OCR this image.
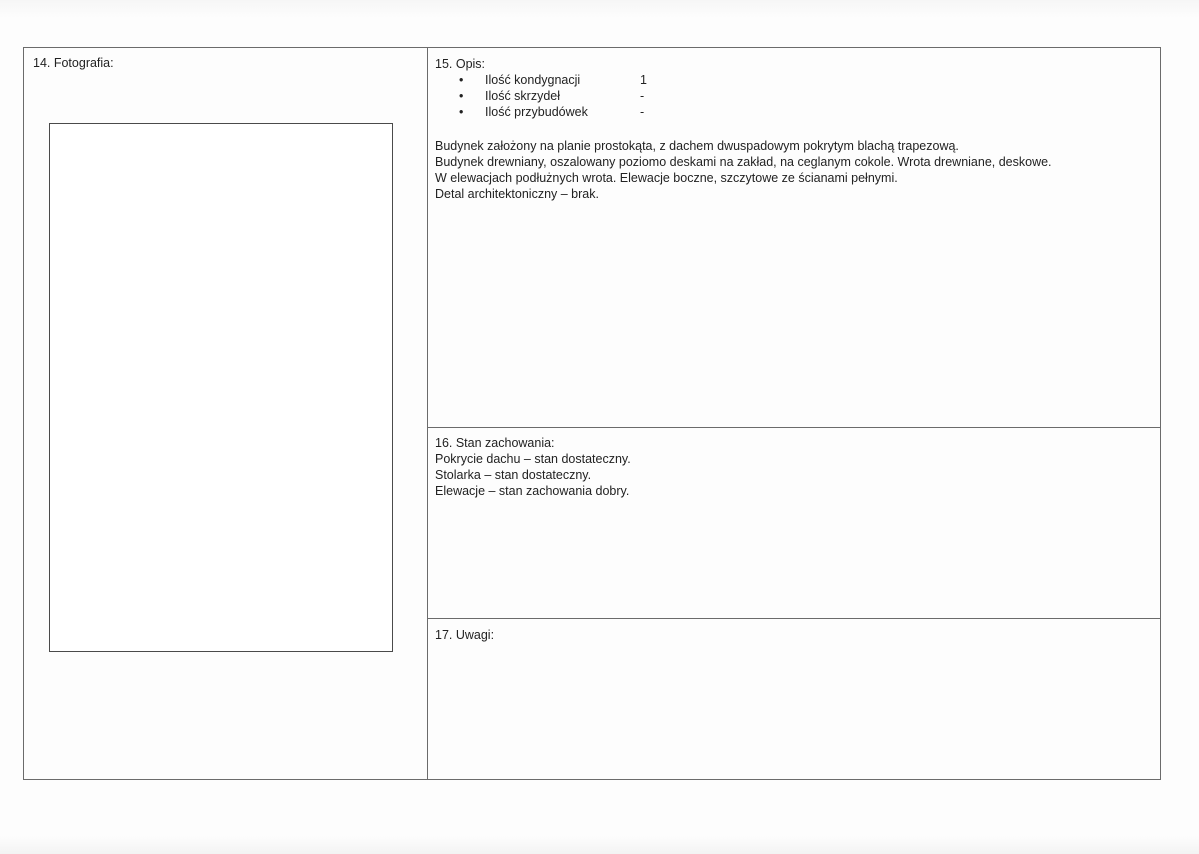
14. Fotografia:	15. Opis:

•	Ilość kondygnacji	1
•	Ilość skrzydeł	-
•	Ilość przybudówek	-

Budynek założony na planie prostokąta, z dachem dwuspadowym pokrytym blachą trapezową.

Budynek drewniany, oszalowany poziomo deskami na zakład, na ceglanym cokole. Wrota drewniane, deskowe.

W elewacjach podłużnych wrota. Elewacje boczne, szczytowe ze ścianami pełnymi.

Detal architektoniczny – brak.

16. Stan zachowania:

Pokrycie dachu – stan dostateczny.

Stolarka – stan dostateczny.

Elewacje – stan zachowania dobry.

17. Uwagi:
